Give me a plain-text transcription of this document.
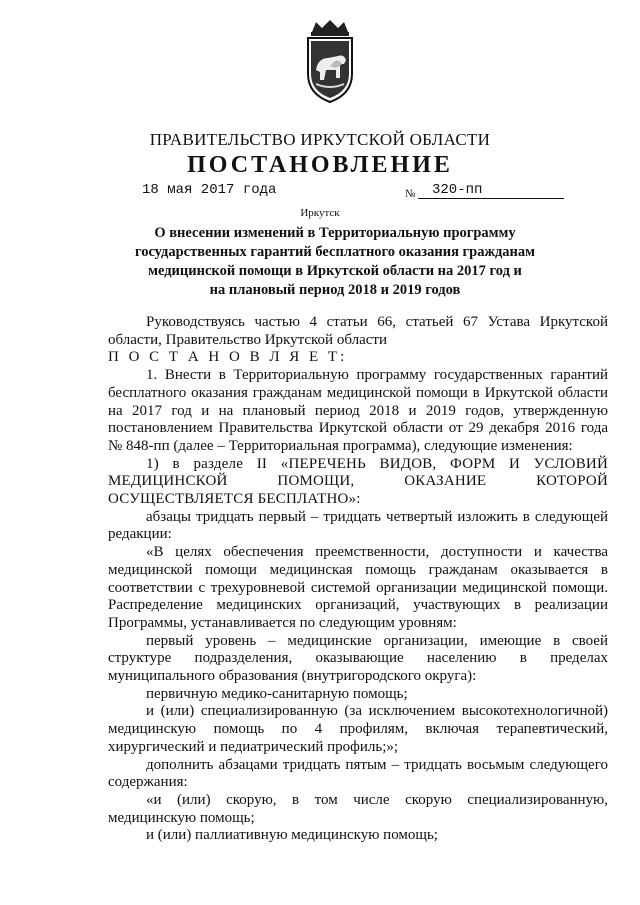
ПРАВИТЕЛЬСТВО ИРКУТСКОЙ ОБЛАСТИ
ПОСТАНОВЛЕНИЕ
18 мая 2017 года	№	320-пп
Иркутск
О внесении изменений в Территориальную программу
государственных гарантий бесплатного оказания гражданам
медицинской помощи в Иркутской области на 2017 год и
на плановый период 2018 и 2019 годов

Руководствуясь частью 4 статьи 66, статьей 67 Устава Иркутской области, Правительство Иркутской области

П О С Т А Н О В Л Я Е Т:

1. Внести в Территориальную программу государственных гарантий бесплатного оказания гражданам медицинской помощи в Иркутской области на 2017 год и на плановый период 2018 и 2019 годов, утвержденную постановлением Правительства Иркутской области от 29 декабря 2016 года № 848-пп (далее – Территориальная программа), следующие изменения:

1) в разделе II «ПЕРЕЧЕНЬ ВИДОВ, ФОРМ И УСЛОВИЙ МЕДИЦИНСКОЙ ПОМОЩИ, ОКАЗАНИЕ КОТОРОЙ ОСУЩЕСТВЛЯЕТСЯ БЕСПЛАТНО»:

абзацы тридцать первый – тридцать четвертый изложить в следующей редакции:

«В целях обеспечения преемственности, доступности и качества медицинской помощи медицинская помощь гражданам оказывается в соответствии с трехуровневой системой организации медицинской помощи. Распределение медицинских организаций, участвующих в реализации Программы, устанавливается по следующим уровням:

первый уровень – медицинские организации, имеющие в своей структуре подразделения, оказывающие населению в пределах муниципального образования (внутригородского округа):

первичную медико-санитарную помощь;

и (или) специализированную (за исключением высокотехнологичной) медицинскую помощь по 4 профилям, включая терапевтический, хирургический и педиатрический профиль;»;

дополнить абзацами тридцать пятым – тридцать восьмым следующего содержания:

«и (или) скорую, в том числе скорую специализированную, медицинскую помощь;

и (или) паллиативную медицинскую помощь;
